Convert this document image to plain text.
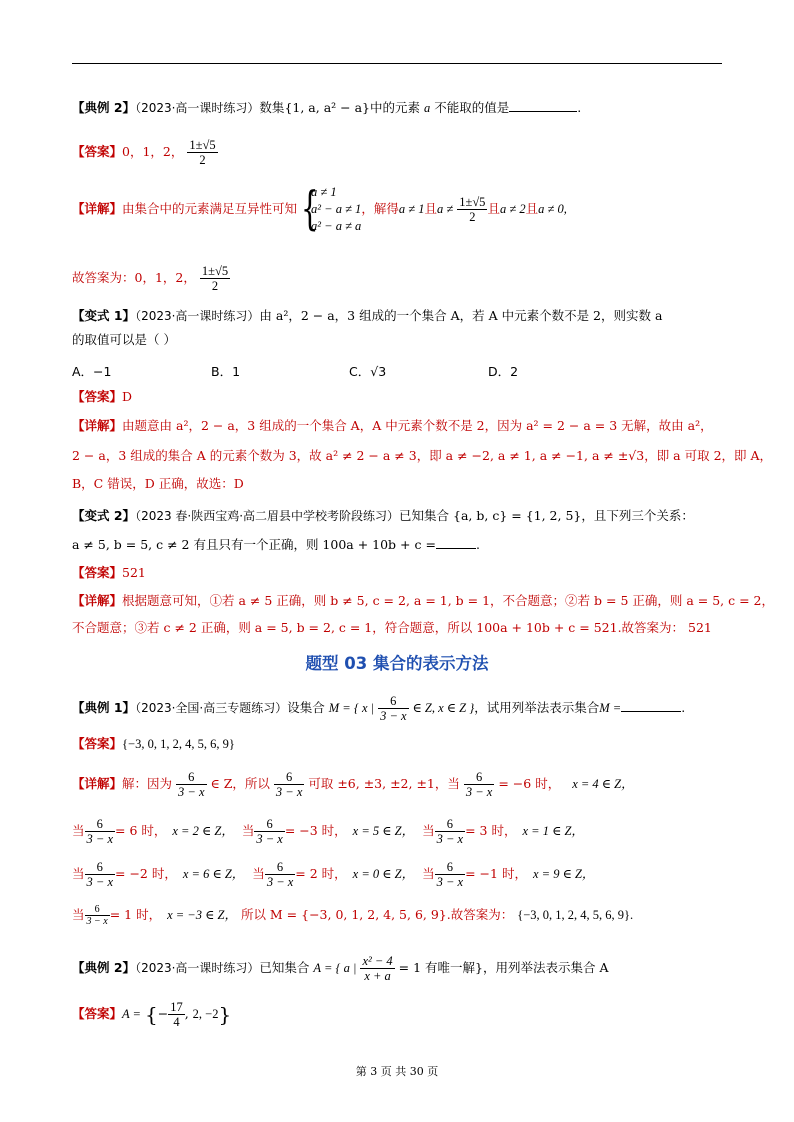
【典例 2】（2023·高一课时练习）数集{1, a, a² − a}中的元素 a 不能取的值是	.
【答案】0，1，2， $\frac{1\pm√5}{2}$
【详解】由集合中的元素满足互异性可知 {
a ≠ 1
a² − a ≠ 1
a² − a ≠ a
，解得a ≠ 1且$a \ne \frac{1\pm√5}{2}$ 且a ≠ 2且a ≠ 0,
故答案为：0，1，2， $\frac{1\pm√5}{2}$
【变式 1】（2023·高一课时练习）由 a²，2 − a，3 组成的一个集合 A，若 A 中元素个数不是 2，则实数 a
的取值可以是（ ）
A．−1	B．1	C．√3	D．2
【答案】D
【详解】由题意由 a²，2 − a，3 组成的一个集合 A，A 中元素个数不是 2，因为 a² = 2 − a = 3 无解，故由 a²，
2 − a，3 组成的集合 A 的元素个数为 3，故 a² ≠ 2 − a ≠ 3，即 a ≠ −2, a ≠ 1, a ≠ −1, a ≠ ±√3，即 a 可取 2，即 A，
B，C 错误，D 正确，故选：D
【变式 2】（2023 春·陕西宝鸡·高二眉县中学校考阶段练习）已知集合 {a, b, c} = {1, 2, 5}，且下列三个关系：
a ≠ 5, b = 5, c ≠ 2 有且只有一个正确，则 100a + 10b + c =	.
【答案】521
【详解】根据题意可知，①若 a ≠ 5 正确，则 b ≠ 5, c = 2, a = 1, b = 1，不合题意；②若 b = 5 正确，则 a = 5, c = 2，
不合题意；③若 c ≠ 2 正确，则 a = 5, b = 2, c = 1，符合题意，所以 100a + 10b + c = 521.故答案为： 521
题型 03 集合的表示方法
【典例 1】（2023·全国·高三专题练习）设集合 M = { x | $\frac{6}{3 - x}$ ∈ Z, x ∈ Z }，试用列举法表示集合M =	.
【答案】{−3, 0, 1, 2, 4, 5, 6, 9}
【详解】解：因为 $\frac{6}{3 - x}$ ∈ Z，所以 $\frac{6}{3 - x}$ 可取 ±6, ±3, ±2, ±1，当 $\frac{6}{3 - x} = -6$ 时， x = 4 ∈ Z，
当 $\frac{6}{3 - x} = 6$ 时， x = 2 ∈ Z， 当 $\frac{6}{3 - x} = -3$ 时， x = 5 ∈ Z， 当 $\frac{6}{3 - x} = 3$ 时， x = 1 ∈ Z，
当 $\frac{6}{3 - x} = -2$ 时， x = 6 ∈ Z， 当 $\frac{6}{3 - x} = 2$ 时， x = 0 ∈ Z， 当 $\frac{6}{3 - x} = -1$ 时， x = 9 ∈ Z，
当 $\frac{6}{3 - x} = 1$ 时， x = −3 ∈ Z， 所以 M = {−3, 0, 1, 2, 4, 5, 6, 9}.故答案为： {−3, 0, 1, 2, 4, 5, 6, 9}.
【典例 2】（2023·高一课时练习）已知集合 A = { a | $\frac{\text{x² − 4}}{x + a} = 1$ 有唯一解}，用列举法表示集合 A
【答案】A = {− $\frac{17}{4}$ , 2, −2}
第 3 页 共 30 页
